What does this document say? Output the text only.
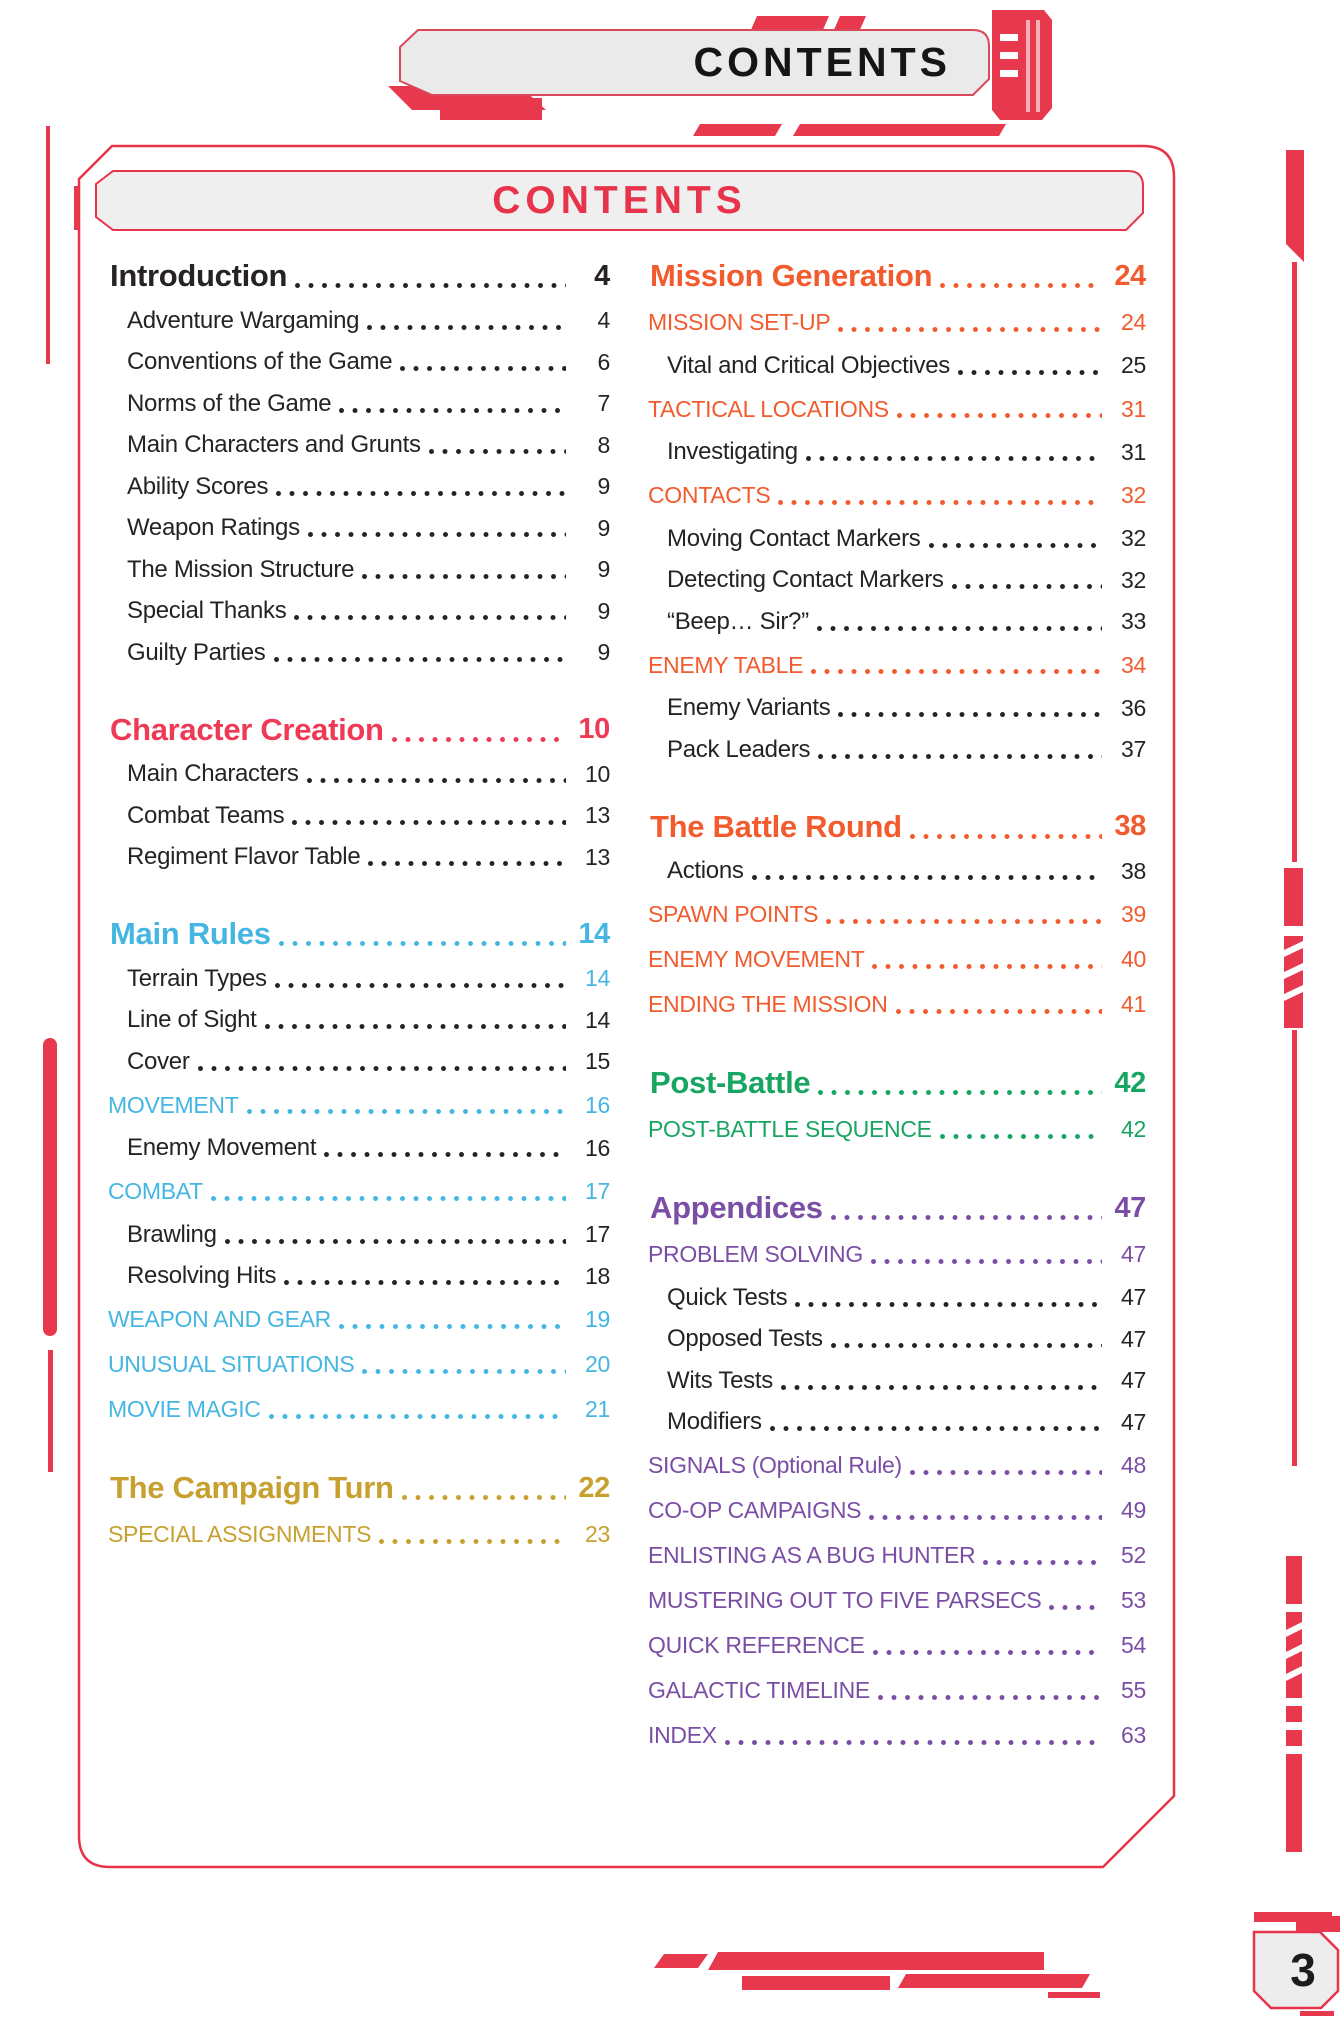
CONTENTS
CONTENTS
Introduction	4
Adventure Wargaming	4
Conventions of the Game	6
Norms of the Game	7
Main Characters and Grunts	8
Ability Scores	9
Weapon Ratings	9
The Mission Structure	9
Special Thanks	9
Guilty Parties	9
Character Creation	10
Main Characters	10
Combat Teams	13
Regiment Flavor Table	13
Main Rules	14
Terrain Types	14
Line of Sight	14
Cover	15
MOVEMENT	16
Enemy Movement	16
COMBAT	17
Brawling	17
Resolving Hits	18
WEAPON AND GEAR	19
UNUSUAL SITUATIONS	20
MOVIE MAGIC	21
The Campaign Turn	22
SPECIAL ASSIGNMENTS	23
Mission Generation	24
MISSION SET-UP	24
Vital and Critical Objectives	25
TACTICAL LOCATIONS	31
Investigating	31
CONTACTS	32
Moving Contact Markers	32
Detecting Contact Markers	32
“Beep… Sir?”	33
ENEMY TABLE	34
Enemy Variants	36
Pack Leaders	37
The Battle Round	38
Actions	38
SPAWN POINTS	39
ENEMY MOVEMENT	40
ENDING THE MISSION	41
Post-Battle	42
POST-BATTLE SEQUENCE	42
Appendices	47
PROBLEM SOLVING	47
Quick Tests	47
Opposed Tests	47
Wits Tests	47
Modifiers	47
SIGNALS (Optional Rule)	48
CO-OP CAMPAIGNS	49
ENLISTING AS A BUG HUNTER	52
MUSTERING OUT TO FIVE PARSECS	53
QUICK REFERENCE	54
GALACTIC TIMELINE	55
INDEX	63
3
